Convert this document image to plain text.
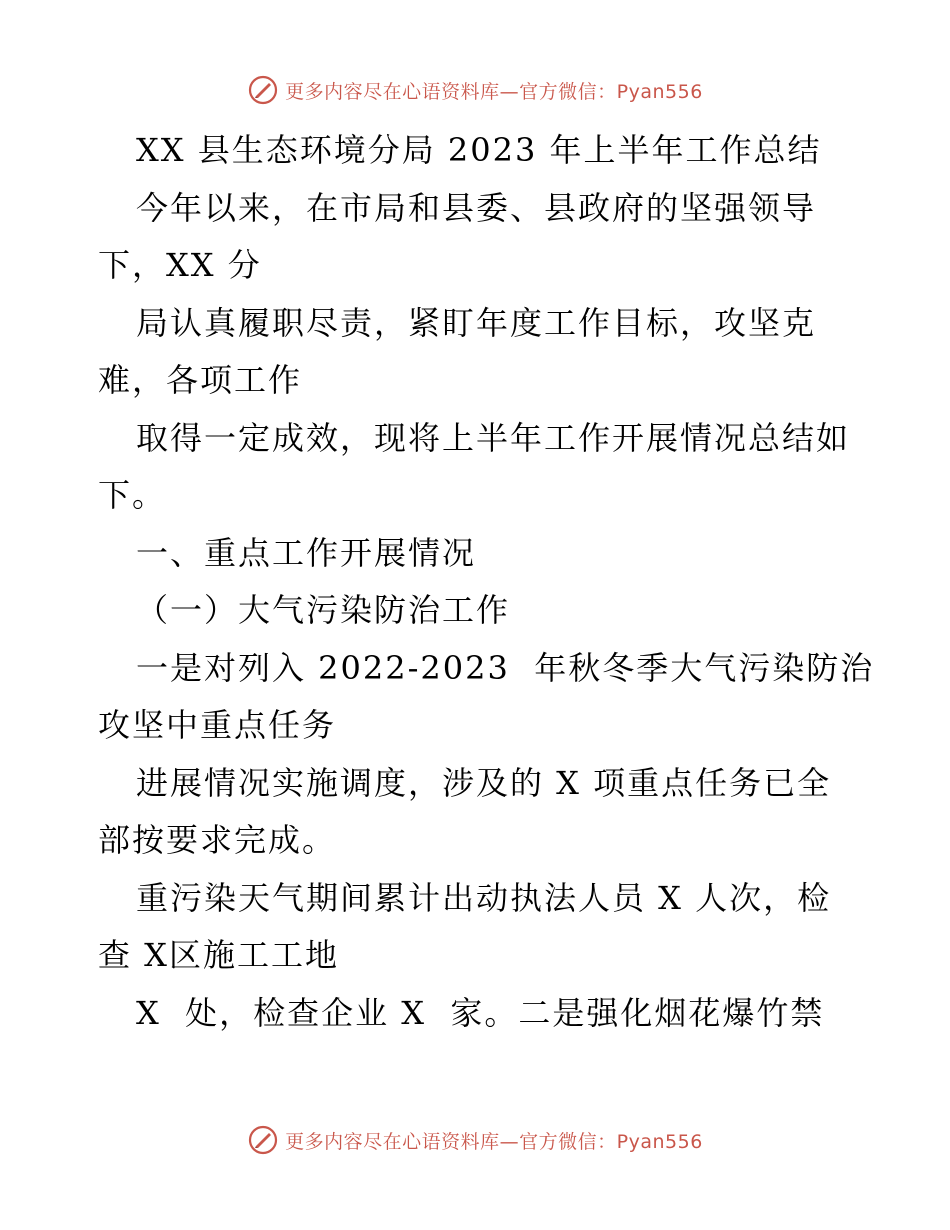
更多内容尽在心语资料库—官方微信：Pyan556
XX 县生态环境分局 2023 年上半年工作总结
今年以来，在市局和县委、县政府的坚强领导
下，XX 分
局认真履职尽责，紧盯年度工作目标，攻坚克
难，各项工作
取得一定成效，现将上半年工作开展情况总结如
下。
一、重点工作开展情况
（一）大气污染防治工作
一是对列入 2022-2023  年秋冬季大气污染防治
攻坚中重点任务
进展情况实施调度，涉及的 X 项重点任务已全
部按要求完成。
重污染天气期间累计出动执法人员 X 人次，检
查 X区施工工地
X  处，检查企业 X  家。二是强化烟花爆竹禁
更多内容尽在心语资料库—官方微信：Pyan556
